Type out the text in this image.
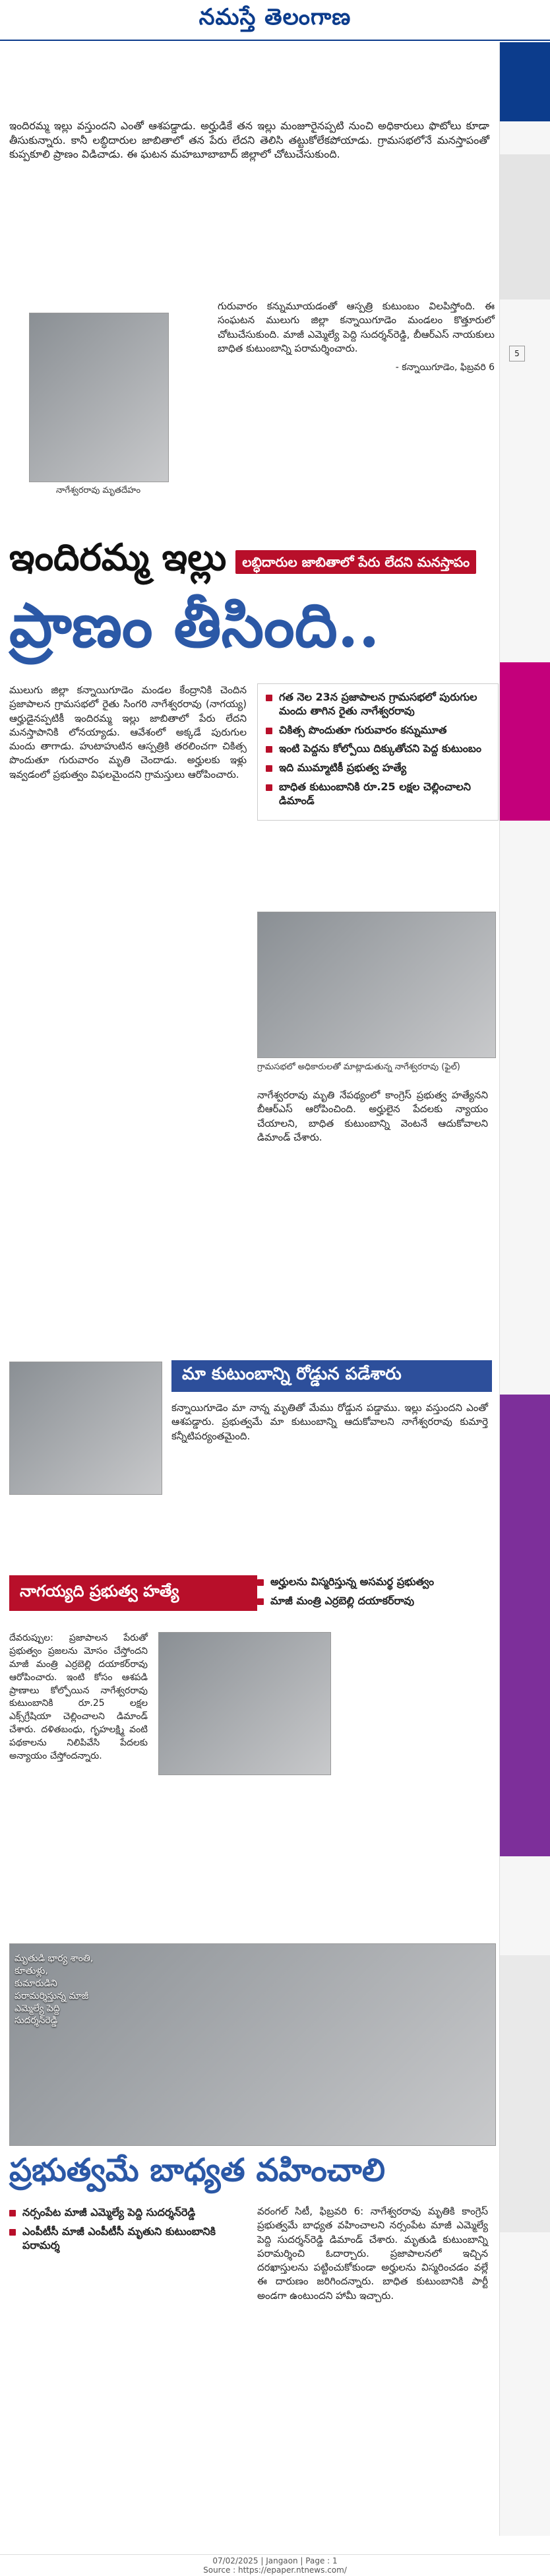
నమస్తే తెలంగాణ

ఇందిరమ్మ ఇల్లు వస్తుందని ఎంతో ఆశపడ్డాడు. అర్హుడికే తన ఇల్లు మంజూరైనప్పటి నుంచి అధికారులు ఫొటోలు కూడా తీసుకున్నారు. కానీ లబ్ధిదారుల జాబితాలో తన పేరు లేదని తెలిసి తట్టుకోలేకపోయాడు. గ్రామసభలోనే మనస్తాపంతో కుప్పకూలి ప్రాణం విడిచాడు. ఈ ఘటన మహబూబాబాద్ జిల్లాలో చోటుచేసుకుంది.

నాగేశ్వరరావు మృతదేహం
గురువారం కన్నుమూయడంతో ఆస్పత్రి కుటుంబం విలపిస్తోంది. ఈ సంఘటన ములుగు జిల్లా కన్నాయిగూడెం మండలం కొత్తూరులో చోటుచేసుకుంది. మాజీ ఎమ్మెల్యే పెద్ది సుదర్శన్‌రెడ్డి, బీఆర్‌ఎస్ నాయకులు బాధిత కుటుంబాన్ని పరామర్శించారు.
- కన్నాయిగూడెం, ఫిబ్రవరి 6
ఇందిరమ్మ ఇల్లు	లబ్ధిదారుల జాబితాలో పేరు లేదని మనస్తాపం
ప్రాణం తీసింది..
ములుగు జిల్లా కన్నాయిగూడెం మండల కేంద్రానికి చెందిన ప్రజాపాలన గ్రామసభలో రైతు సింగరి నాగేశ్వరరావు (నాగయ్య) ఆర్హుడైనప్పటికీ ఇందిరమ్మ ఇల్లు జాబితాలో పేరు లేదని మనస్తాపానికి లోనయ్యాడు. ఆవేశంలో అక్కడే పురుగుల మందు తాగాడు. హుటాహుటిన ఆస్పత్రికి తరలించగా చికిత్స పొందుతూ గురువారం మృతి చెందాడు. అర్హులకు ఇళ్లు ఇవ్వడంలో ప్రభుత్వం విఫలమైందని గ్రామస్తులు ఆరోపించారు.
గత నెల 23న ప్రజాపాలన గ్రామసభలో పురుగుల మందు తాగిన రైతు నాగేశ్వరరావు
చికిత్స పొందుతూ గురువారం కన్నుమూత
ఇంటి పెద్దను కోల్పోయి దిక్కుతోచని పెద్ద కుటుంబం
ఇది ముమ్మాటికీ ప్రభుత్వ హత్యే
బాధిత కుటుంబానికి రూ.25 లక్షల చెల్లించాలని డిమాండ్
గ్రామసభలో అధికారులతో మాట్లాడుతున్న నాగేశ్వరరావు (ఫైల్)
నాగేశ్వరరావు మృతి నేపథ్యంలో కాంగ్రెస్ ప్రభుత్వ హత్యేనని బీఆర్‌ఎస్ ఆరోపించింది. అర్హులైన పేదలకు న్యాయం చేయాలని, బాధిత కుటుంబాన్ని వెంటనే ఆదుకోవాలని డిమాండ్ చేశారు.
మా కుటుంబాన్ని రోడ్డున పడేశారు
కన్నాయిగూడెం మా నాన్న మృతితో మేము రోడ్డున పడ్డాము. ఇల్లు వస్తుందని ఎంతో ఆశపడ్డారు. ప్రభుత్వమే మా కుటుంబాన్ని ఆదుకోవాలని నాగేశ్వరరావు కుమార్తె కన్నీటిపర్యంతమైంది.
నాగయ్యది ప్రభుత్వ హత్యే
అర్హులను విస్మరిస్తున్న అసమర్థ ప్రభుత్వం
మాజీ మంత్రి ఎర్రబెల్లి దయాకర్‌రావు
దేవరుప్పుల: ప్రజాపాలన పేరుతో ప్రభుత్వం ప్రజలను మోసం చేస్తోందని మాజీ మంత్రి ఎర్రబెల్లి దయాకర్‌రావు ఆరోపించారు. ఇంటి కోసం ఆశపడి ప్రాణాలు కోల్పోయిన నాగేశ్వరరావు కుటుంబానికి రూ.25 లక్షల ఎక్స్‌గ్రేషియా చెల్లించాలని డిమాండ్ చేశారు. దళితబంధు, గృహలక్ష్మి వంటి పథకాలను నిలిపివేసి పేదలకు అన్యాయం చేస్తోందన్నారు.
మృతుడి భార్య శాంతి, కూతుళ్లు, కుమారుడిని పరామర్శిస్తున్న మాజీ ఎమ్మెల్యే పెద్ది సుదర్శన్‌రెడ్డి
ప్రభుత్వమే బాధ్యత వహించాలి
నర్సంపేట మాజీ ఎమ్మెల్యే పెద్ది సుదర్శన్‌రెడ్డి
ఎంపీటీసీ మాజీ ఎంపీటీసీ మృతుని కుటుంబానికి పరామర్శ
వరంగల్ సిటీ, ఫిబ్రవరి 6: నాగేశ్వరరావు మృతికి కాంగ్రెస్ ప్రభుత్వమే బాధ్యత వహించాలని నర్సంపేట మాజీ ఎమ్మెల్యే పెద్ది సుదర్శన్‌రెడ్డి డిమాండ్ చేశారు. మృతుడి కుటుంబాన్ని పరామర్శించి ఓదార్చారు. ప్రజాపాలనలో ఇచ్చిన దరఖాస్తులను పట్టించుకోకుండా అర్హులను విస్మరించడం వల్లే ఈ దారుణం జరిగిందన్నారు. బాధిత కుటుంబానికి పార్టీ అండగా ఉంటుందని హామీ ఇచ్చారు.
5
07/02/2025 | Jangaon | Page : 1
Source : https://epaper.ntnews.com/
